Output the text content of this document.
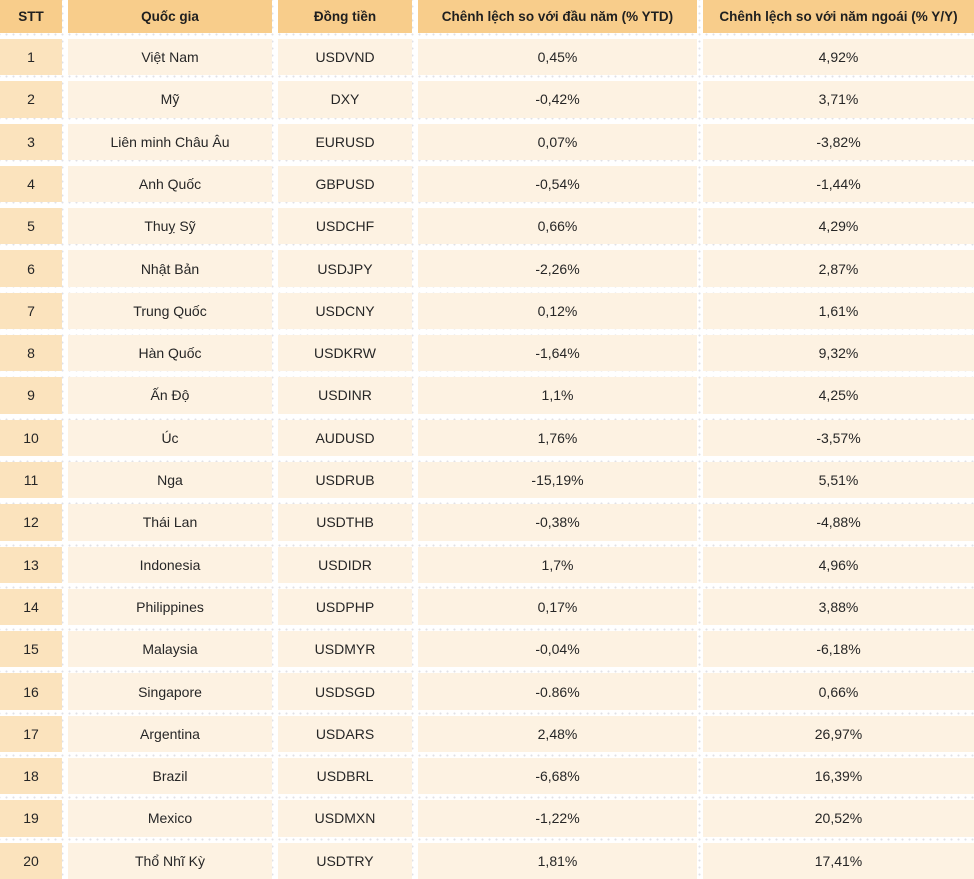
STT	Quốc gia	Đồng tiền	Chênh lệch so với đầu năm (% YTD)	Chênh lệch so với năm ngoái (% Y/Y)
1	Việt Nam	USDVND	0,45%	4,92%
2	Mỹ	DXY	-0,42%	3,71%
3	Liên minh Châu Âu	EURUSD	0,07%	-3,82%
4	Anh Quốc	GBPUSD	-0,54%	-1,44%
5	Thuỵ Sỹ	USDCHF	0,66%	4,29%
6	Nhật Bản	USDJPY	-2,26%	2,87%
7	Trung Quốc	USDCNY	0,12%	1,61%
8	Hàn Quốc	USDKRW	-1,64%	9,32%
9	Ấn Độ	USDINR	1,1%	4,25%
10	Úc	AUDUSD	1,76%	-3,57%
11	Nga	USDRUB	-15,19%	5,51%
12	Thái Lan	USDTHB	-0,38%	-4,88%
13	Indonesia	USDIDR	1,7%	4,96%
14	Philippines	USDPHP	0,17%	3,88%
15	Malaysia	USDMYR	-0,04%	-6,18%
16	Singapore	USDSGD	-0.86%	0,66%
17	Argentina	USDARS	2,48%	26,97%
18	Brazil	USDBRL	-6,68%	16,39%
19	Mexico	USDMXN	-1,22%	20,52%
20	Thổ Nhĩ Kỳ	USDTRY	1,81%	17,41%
